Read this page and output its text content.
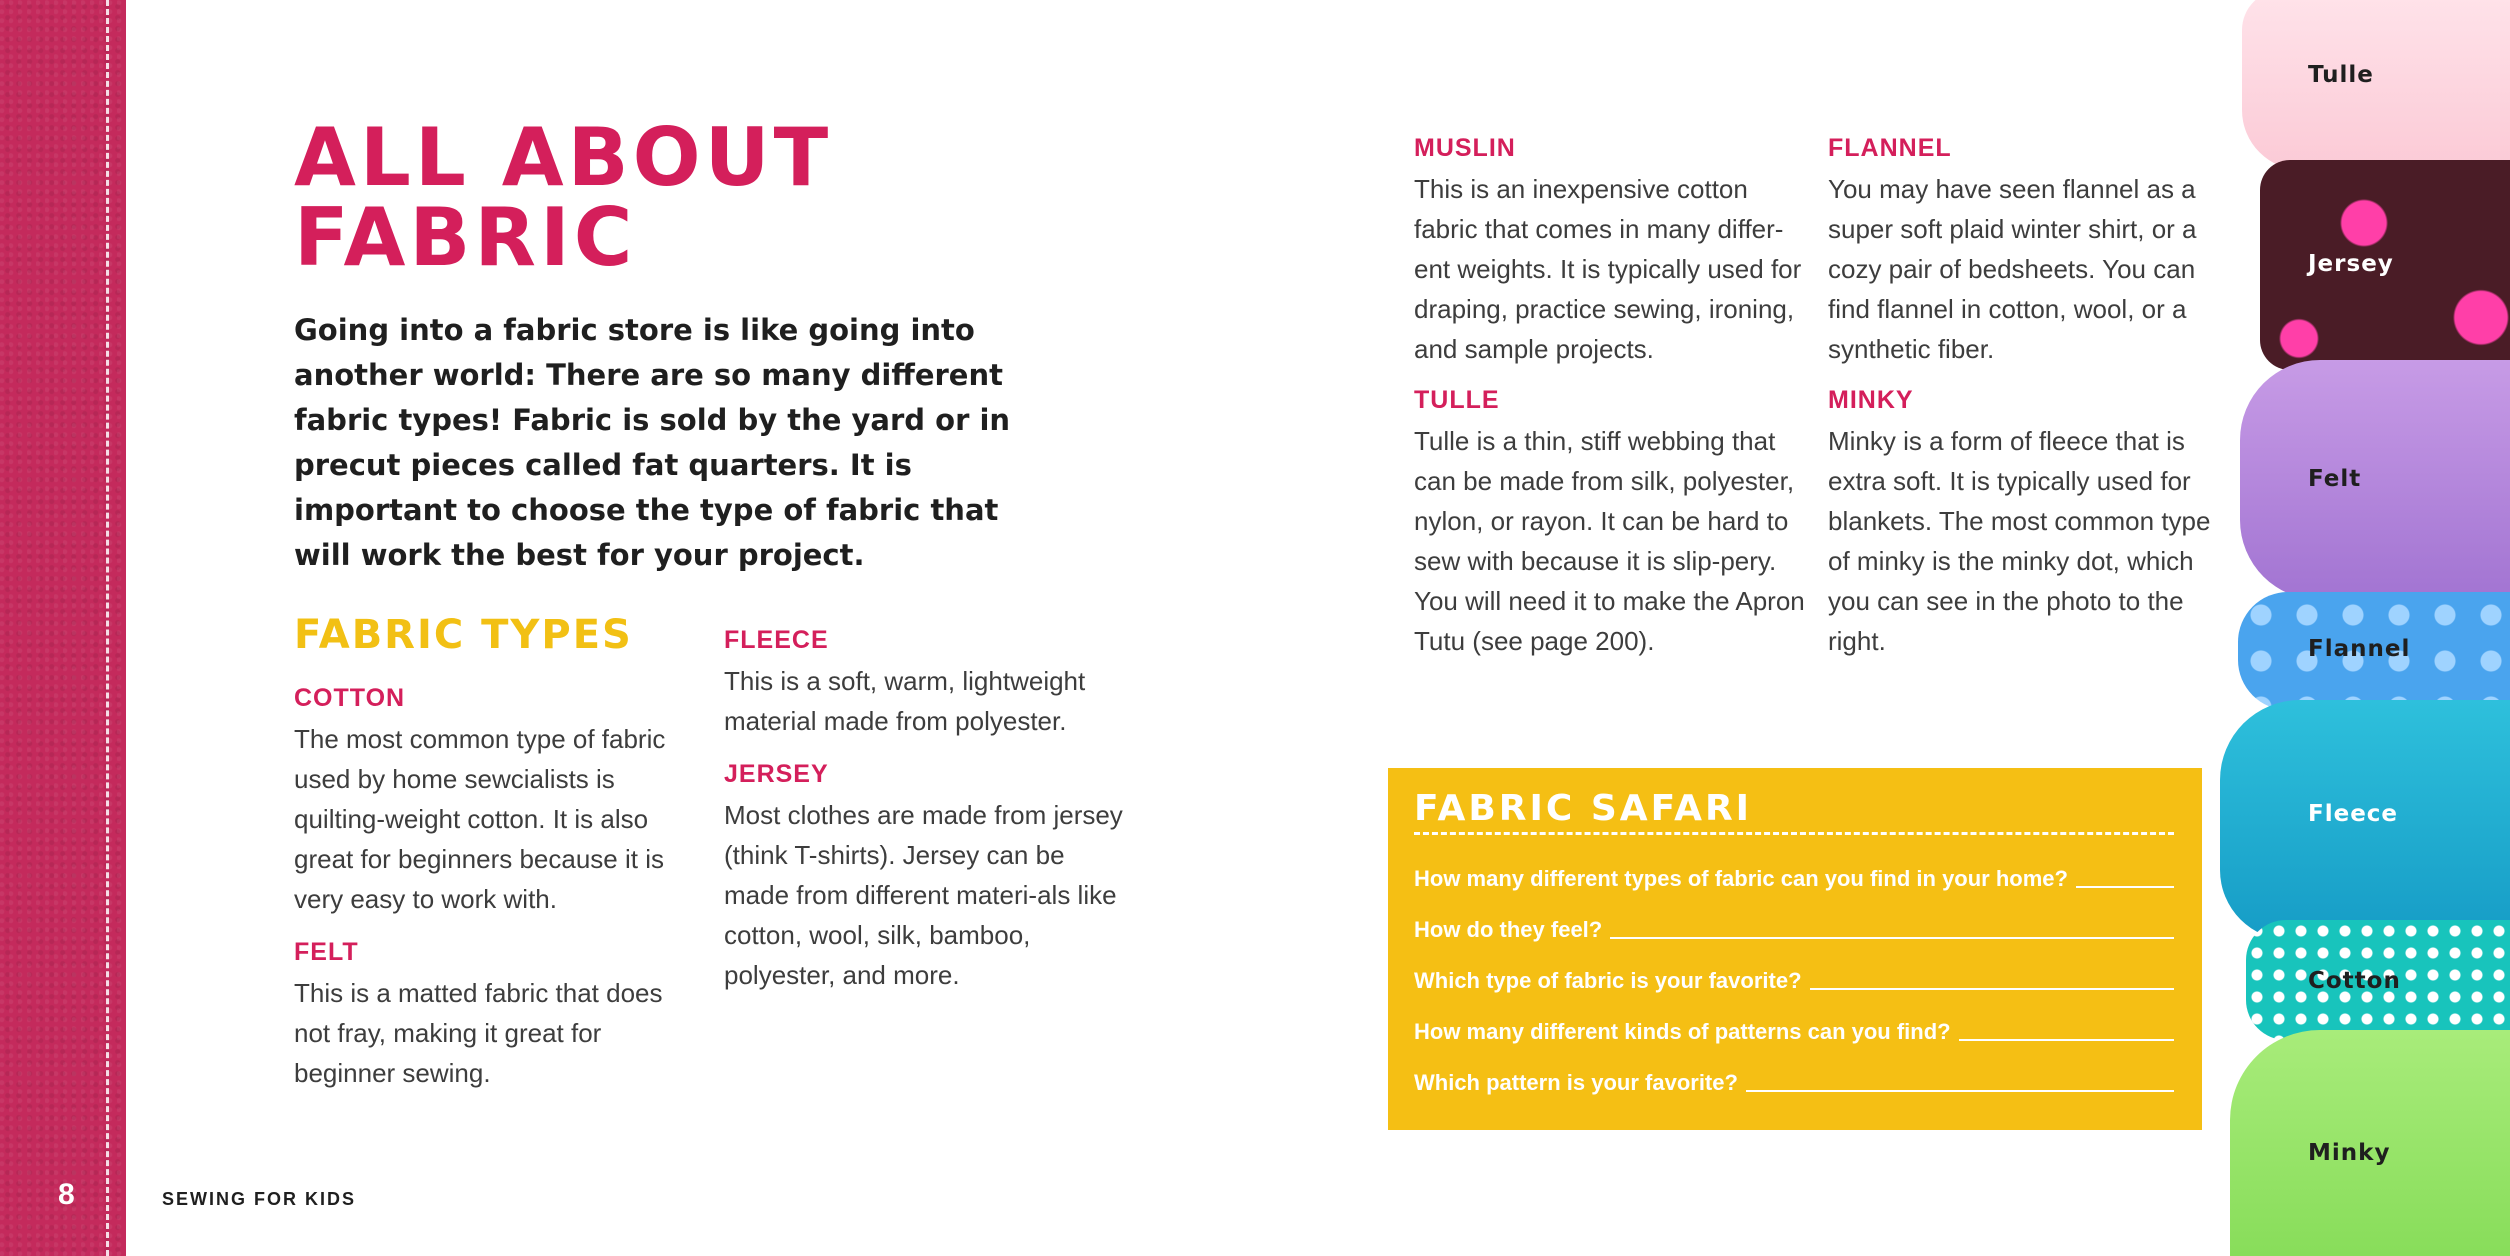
8	SEWING FOR KIDS
ALL ABOUT
FABRIC

Going into a fabric store is like going into another world: There are so many different fabric types! Fabric is sold by the yard or in precut pieces called fat quarters. It is important to choose the type of fabric that will work the best for your project.

FABRIC TYPES
COTTON

The most common type of fabric used by home sewcialists is quilting-weight cotton. It is also great for beginners because it is very easy to work with.

FELT

This is a matted fabric that does not fray, making it great for beginner sewing.

FLEECE

This is a soft, warm, lightweight material made from polyester.

JERSEY

Most clothes are made from jersey (think T-shirts). Jersey can be made from different materi-als like cotton, wool, silk, bamboo, polyester, and more.

MUSLIN

This is an inexpensive cotton fabric that comes in many differ-ent weights. It is typically used for draping, practice sewing, ironing, and sample projects.

TULLE

Tulle is a thin, stiff webbing that can be made from silk, polyester, nylon, or rayon. It can be hard to sew with because it is slip-pery. You will need it to make the Apron Tutu (see page 200).

FLANNEL

You may have seen flannel as a super soft plaid winter shirt, or a cozy pair of bedsheets. You can find flannel in cotton, wool, or a synthetic fiber.

MINKY

Minky is a form of fleece that is extra soft. It is typically used for blankets. The most common type of minky is the minky dot, which you can see in the photo to the right.

FABRIC SAFARI
How many different types of fabric can you find in your home?
How do they feel?
Which type of fabric is your favorite?
How many different kinds of patterns can you find?
Which pattern is your favorite?
Tulle
Jersey
Felt
Flannel
Fleece
Cotton
Minky
